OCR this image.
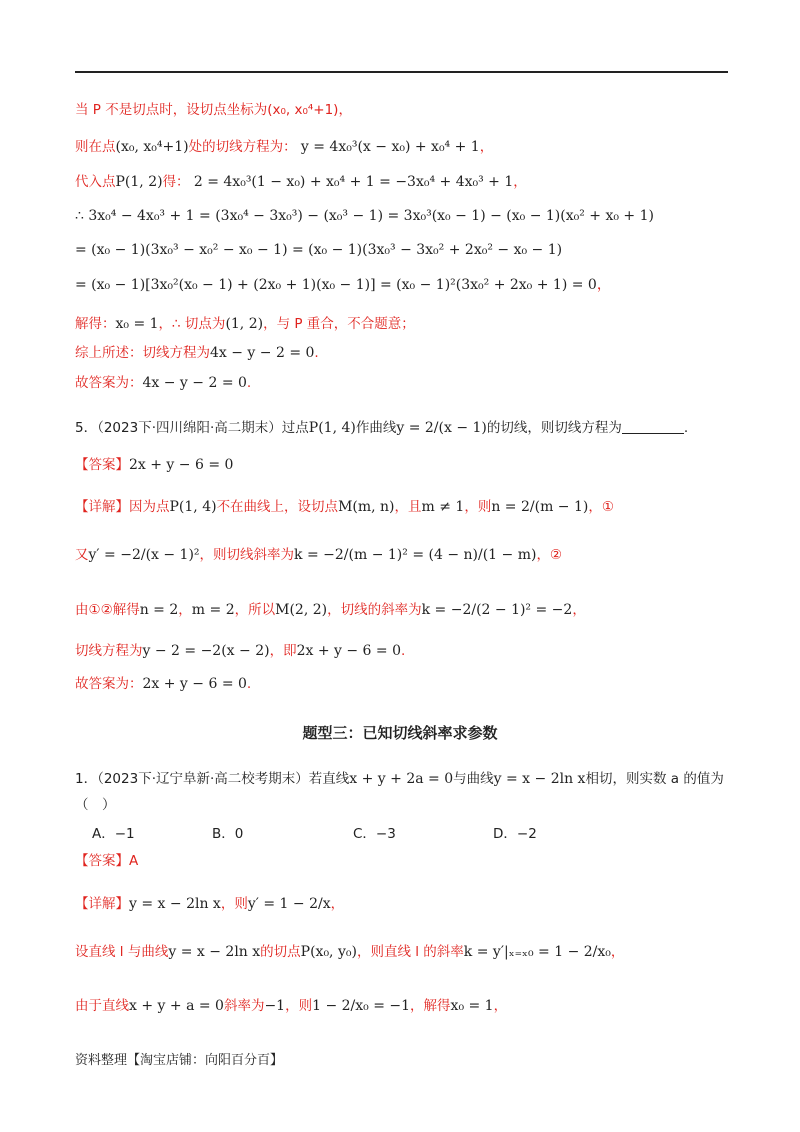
当 P 不是切点时，设切点坐标为(x₀, x₀⁴+1)，
则在点(x₀, x₀⁴+1)处的切线方程为： y = 4x₀³(x − x₀) + x₀⁴ + 1，
代入点P(1, 2)得： 2 = 4x₀³(1 − x₀) + x₀⁴ + 1 = −3x₀⁴ + 4x₀³ + 1，
∴ 3x₀⁴ − 4x₀³ + 1 = (3x₀⁴ − 3x₀³) − (x₀³ − 1) = 3x₀³(x₀ − 1) − (x₀ − 1)(x₀² + x₀ + 1)
= (x₀ − 1)(3x₀³ − x₀² − x₀ − 1) = (x₀ − 1)(3x₀³ − 3x₀² + 2x₀² − x₀ − 1)
= (x₀ − 1)[3x₀²(x₀ − 1) + (2x₀ + 1)(x₀ − 1)] = (x₀ − 1)²(3x₀² + 2x₀ + 1) = 0，
解得：x₀ = 1，∴ 切点为(1, 2)，与 P 重合，不合题意；
综上所述：切线方程为4x − y − 2 = 0.
故答案为：4x − y − 2 = 0.
5．（2023下·四川绵阳·高二期末）过点P(1, 4)作曲线y = 2/(x − 1)的切线，则切线方程为	.
【答案】2x + y − 6 = 0
【详解】因为点P(1, 4)不在曲线上，设切点M(m, n)，且m ≠ 1，则n = 2/(m − 1)，①
又y′ = −2/(x − 1)²，则切线斜率为k = −2/(m − 1)² = (4 − n)/(1 − m)，②
由①②解得n = 2，m = 2，所以M(2, 2)，切线的斜率为k = −2/(2 − 1)² = −2，
切线方程为y − 2 = −2(x − 2)，即2x + y − 6 = 0.
故答案为：2x + y − 6 = 0.
题型三：已知切线斜率求参数
1．（2023下·辽宁阜新·高二校考期末）若直线x + y + 2a = 0与曲线y = x − 2ln x相切，则实数 a 的值为
（　）
A．−1	B．0	C．−3	D．−2
【答案】A
【详解】y = x − 2ln x，则y′ = 1 − 2/x，
设直线 l 与曲线y = x − 2ln x的切点P(x₀, y₀)，则直线 l 的斜率k = y′|ₓ₌ₓ₀ = 1 − 2/x₀，
由于直线x + y + a = 0斜率为−1，则1 − 2/x₀ = −1，解得x₀ = 1，
资料整理【淘宝店铺：向阳百分百】
